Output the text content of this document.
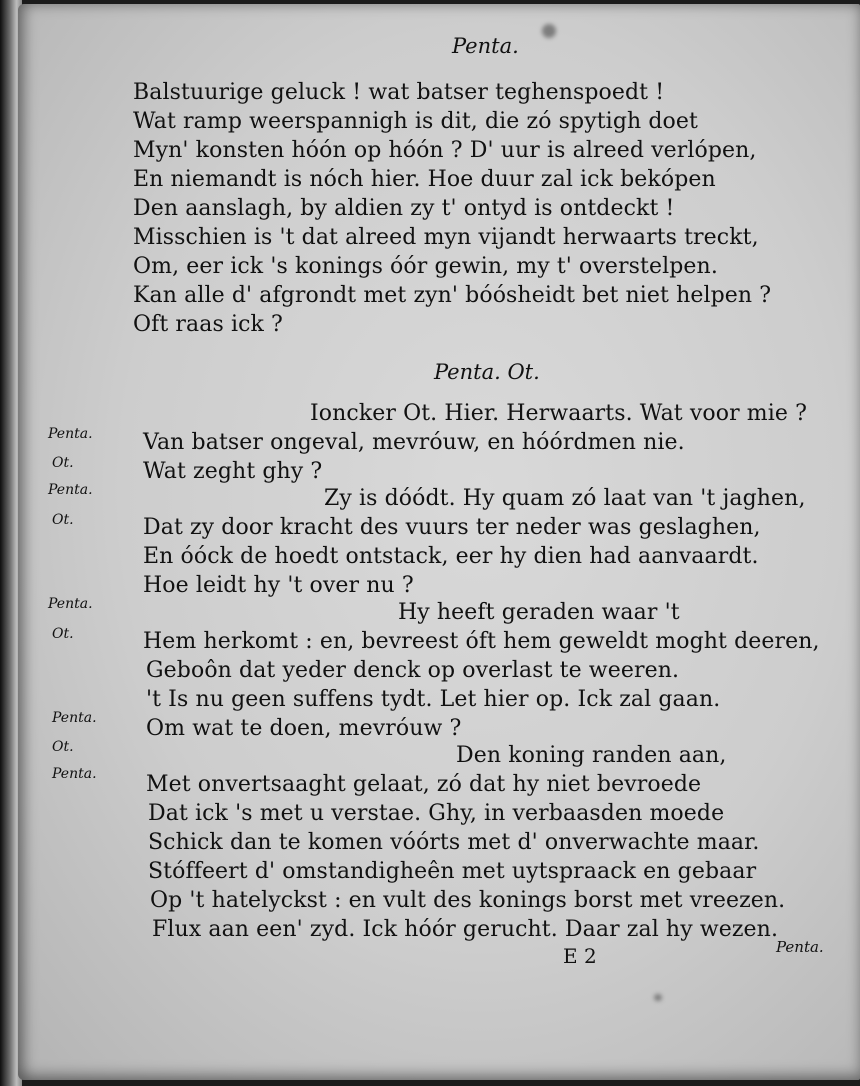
Penta.
Balstuurige geluck ! wat batser teghenspoedt !
Wat ramp weerspannigh is dit, die zó spytigh doet
Myn' konsten hóón op hóón ? D' uur is alreed verlópen,
En niemandt is nóch hier. Hoe duur zal ick bekópen
Den aanslagh, by aldien zy t' ontyd is ontdeckt !
Misschien is 't dat alreed myn vijandt herwaarts treckt,
Om, eer ick 's konings óór gewin, my t' overstelpen.
Kan alle d' afgrondt met zyn' bóósheidt bet niet helpen ?
Oft raas ick ?
Penta. Ot.
Ioncker Ot. Hier. Herwaarts. Wat voor mie ?
Van batser ongeval, mevróuw, en hóórdmen nie.
Wat zeght ghy ?
Zy is dóódt. Hy quam zó laat van 't jaghen,
Dat zy door kracht des vuurs ter neder was geslaghen,
En óóck de hoedt ontstack, eer hy dien had aanvaardt.
Hoe leidt hy 't over nu ?
Hy heeft geraden waar 't
Hem herkomt : en, bevreest óft hem geweldt moght deeren,
Geboôn dat yeder denck op overlast te weeren.
't Is nu geen suffens tydt. Let hier op. Ick zal gaan.
Om wat te doen, mevróuw ?
Den koning randen aan,
Met onvertsaaght gelaat, zó dat hy niet bevroede
Dat ick 's met u verstae. Ghy, in verbaasden moede
Schick dan te komen vóórts met d' onverwachte maar.
Stóffeert d' omstandigheên met uytspraack en gebaar
Op 't hatelyckst : en vult des konings borst met vreezen.
Flux aan een' zyd. Ick hóór gerucht. Daar zal hy wezen.
Penta.
Ot.
Penta.
Ot.
Penta.
Ot.
Penta.
Ot.
Penta.
E 2	Penta.
